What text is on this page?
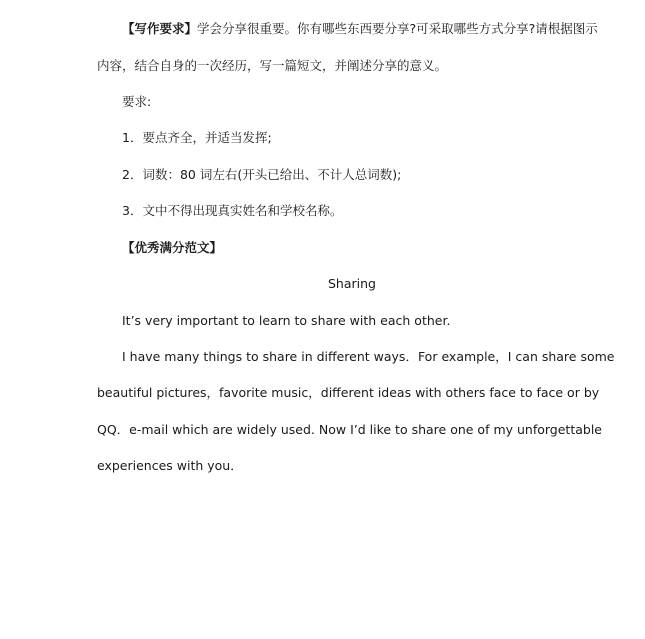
【写作要求】学会分享很重要。你有哪些东西要分享?可采取哪些方式分享?请根据图示
内容，结合自身的一次经历，写一篇短文，并阐述分享的意义。
要求:
1．要点齐全，并适当发挥;
2．词数：80 词左右(开头已给出、不计人总词数);
3．文中不得出现真实姓名和学校名称。
【优秀满分范文】
Sharing
It’s very important to learn to share with each other.
I have many things to share in different ways．For example，I can share some
beautiful pictures，favorite music，different ideas with others face to face or by
QQ．e-mail which are widely used. Now I’d like to share one of my unforgettable
experiences with you．
